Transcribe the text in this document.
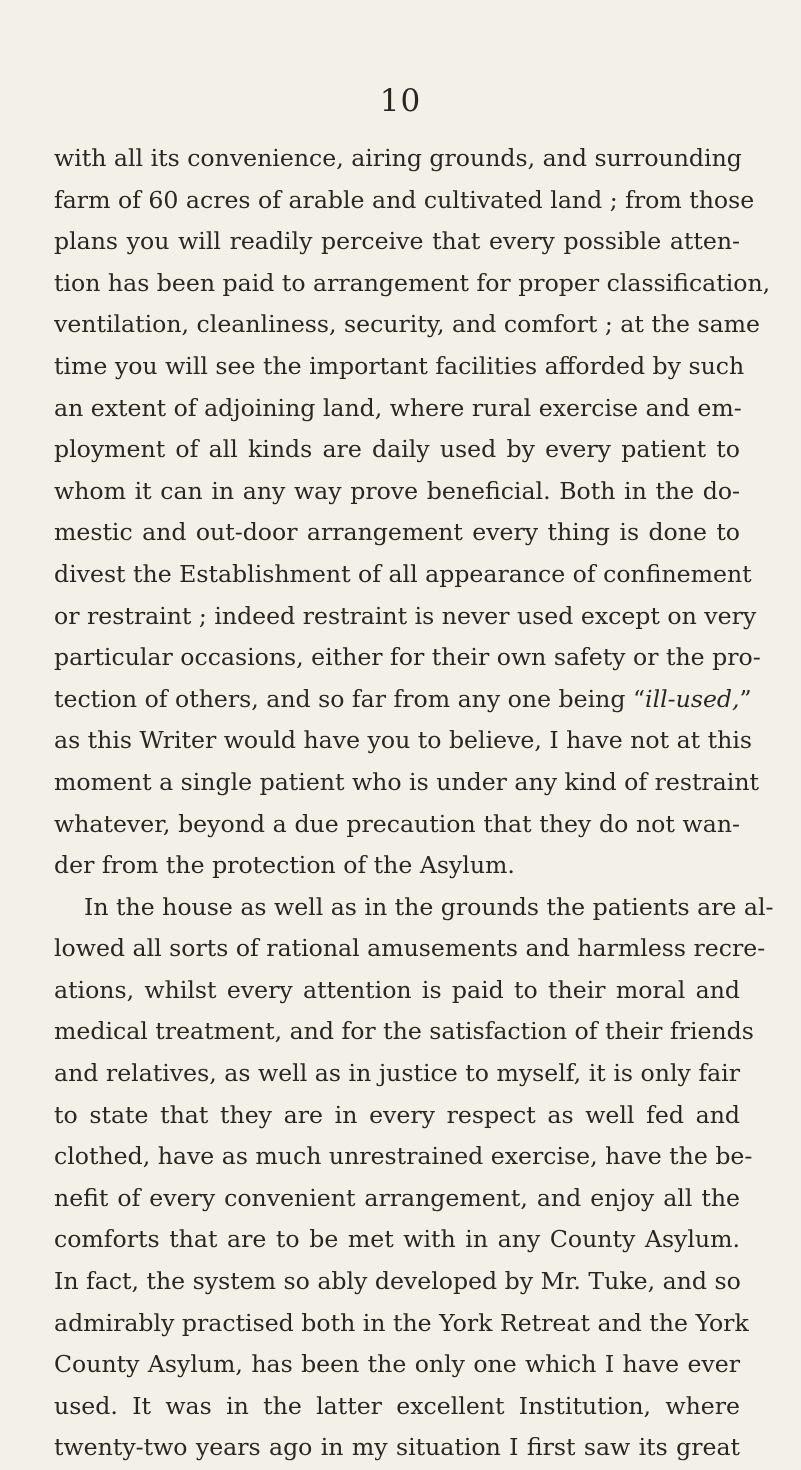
10
with all its convenience, airing grounds, and surrounding
farm of 60 acres of arable and cultivated land ; from those
plans you will readily perceive that every possible atten-
tion has been paid to arrangement for proper classification,
ventilation, cleanliness, security, and comfort ; at the same
time you will see the important facilities afforded by such
an extent of adjoining land, where rural exercise and em-
ployment of all kinds are daily used by every patient to
whom it can in any way prove beneficial. Both in the do-
mestic and out-door arrangement every thing is done to
divest the Establishment of all appearance of confinement
or restraint ; indeed restraint is never used except on very
particular occasions, either for their own safety or the pro-
tection of others, and so far from any one being “ill-used,”
as this Writer would have you to believe, I have not at this
moment a single patient who is under any kind of restraint
whatever, beyond a due precaution that they do not wan-
der from the protection of the Asylum.
In the house as well as in the grounds the patients are al-
lowed all sorts of rational amusements and harmless recre-
ations, whilst every attention is paid to their moral and
medical treatment, and for the satisfaction of their friends
and relatives, as well as in justice to myself, it is only fair
to state that they are in every respect as well fed and
clothed, have as much unrestrained exercise, have the be-
nefit of every convenient arrangement, and enjoy all the
comforts that are to be met with in any County Asylum.
In fact, the system so ably developed by Mr. Tuke, and so
admirably practised both in the York Retreat and the York
County Asylum, has been the only one which I have ever
used. It was in the latter excellent Institution, where
twenty-two years ago in my situation I first saw its great
